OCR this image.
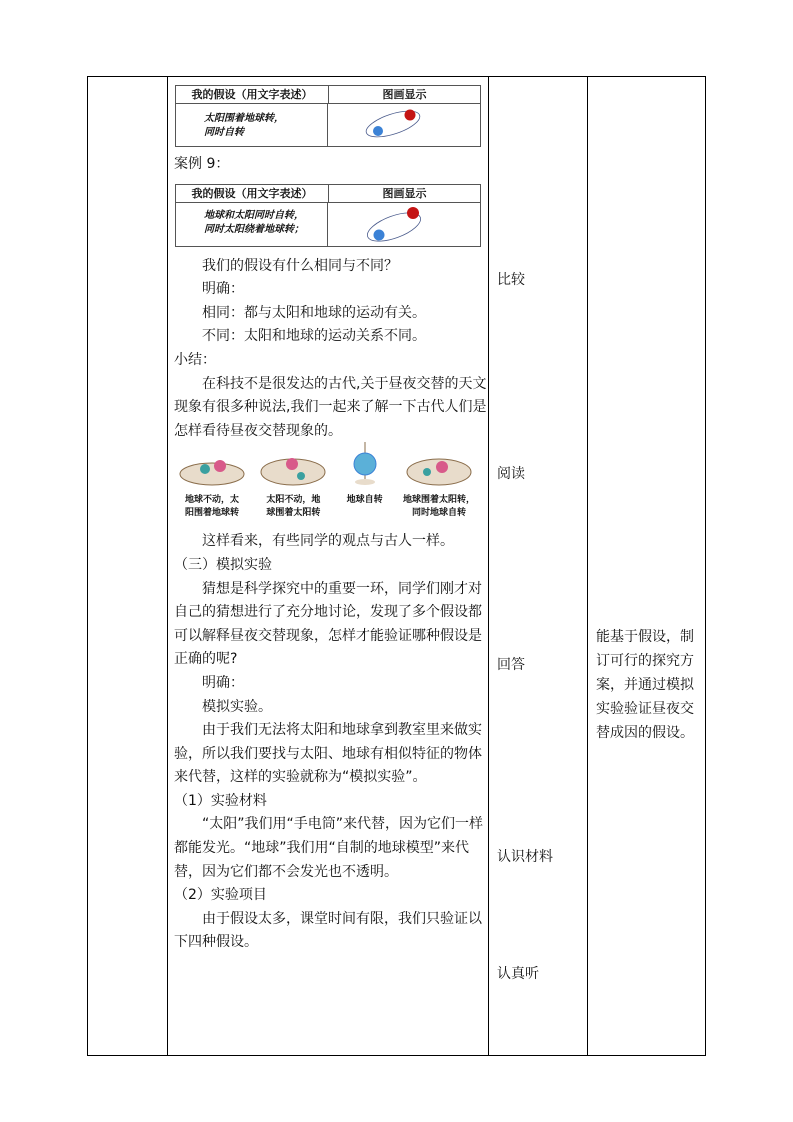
我的假设（用文字表述）	图画显示
太阳围着地球转，
同时自转

案例 9：

我的假设（用文字表述）	图画显示
地球和太阳同时自转，
同时太阳绕着地球转；

我们的假设有什么相同与不同？

明确：

相同：都与太阳和地球的运动有关。

不同：太阳和地球的运动关系不同。

小结：

在科技不是很发达的古代,关于昼夜交替的天文现象有很多种说法,我们一起来了解一下古代人们是怎样看待昼夜交替现象的。

地球不动，太
阳围着地球转
太阳不动，地
球围着太阳转
地球自转	地球围着太阳转，
同时地球自转

这样看来，有些同学的观点与古人一样。

（三）模拟实验

猜想是科学探究中的重要一环，同学们刚才对自己的猜想进行了充分地讨论，发现了多个假设都可以解释昼夜交替现象，怎样才能验证哪种假设是正确的呢?

明确：

模拟实验。

由于我们无法将太阳和地球拿到教室里来做实验，所以我们要找与太阳、地球有相似特征的物体来代替，这样的实验就称为“模拟实验”。

（1）实验材料

“太阳”我们用“手电筒”来代替，因为它们一样都能发光。“地球”我们用“自制的地球模型”来代替，因为它们都不会发光也不透明。

（2）实验项目

由于假设太多，课堂时间有限，我们只验证以下四种假设。

比较
阅读
回答
认识材料
认真听
能基于假设，制订可行的探究方案，并通过模拟实验验证昼夜交替成因的假设。
